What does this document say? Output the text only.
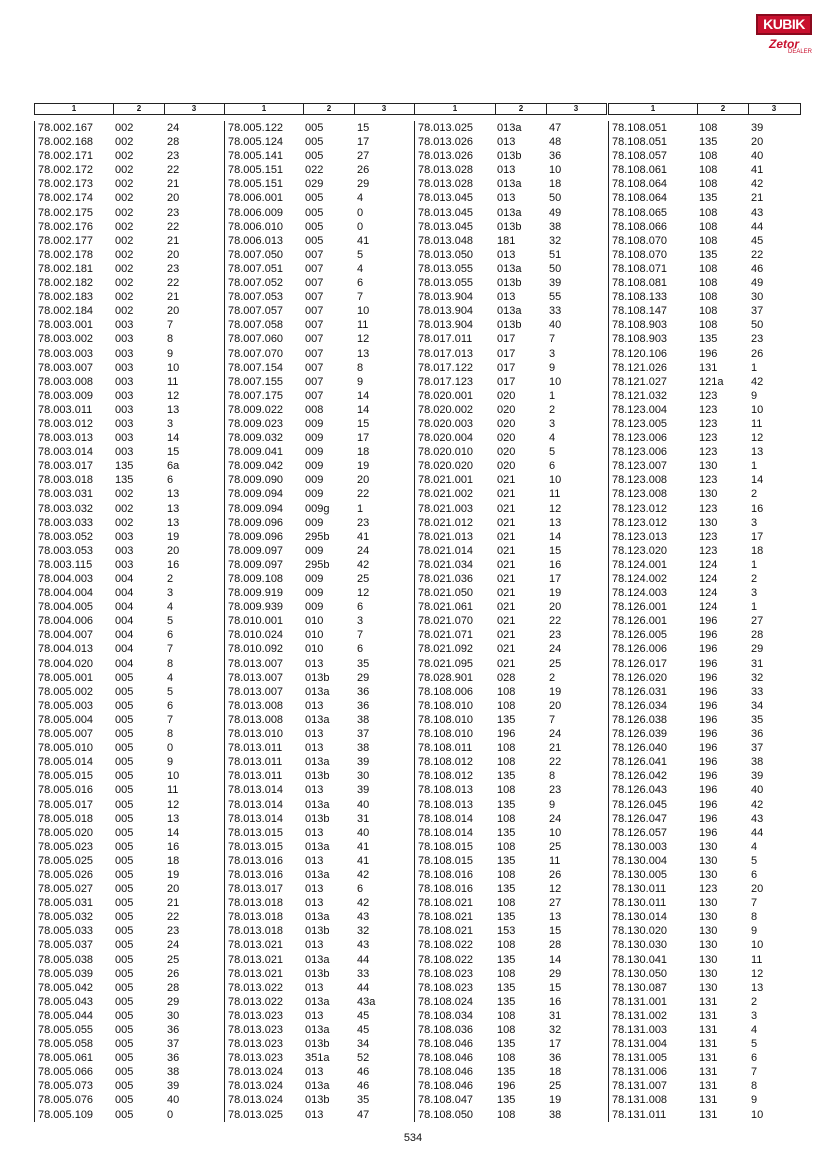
KUBIK
Zetor
DEALER
1	2	3
78.002.167	002	24
78.002.168	002	28
78.002.171	002	23
78.002.172	002	22
78.002.173	002	21
78.002.174	002	20
78.002.175	002	23
78.002.176	002	22
78.002.177	002	21
78.002.178	002	20
78.002.181	002	23
78.002.182	002	22
78.002.183	002	21
78.002.184	002	20
78.003.001	003	7
78.003.002	003	8
78.003.003	003	9
78.003.007	003	10
78.003.008	003	11
78.003.009	003	12
78.003.011	003	13
78.003.012	003	3
78.003.013	003	14
78.003.014	003	15
78.003.017	135	6a
78.003.018	135	6
78.003.031	002	13
78.003.032	002	13
78.003.033	002	13
78.003.052	003	19
78.003.053	003	20
78.003.115	003	16
78.004.003	004	2
78.004.004	004	3
78.004.005	004	4
78.004.006	004	5
78.004.007	004	6
78.004.013	004	7
78.004.020	004	8
78.005.001	005	4
78.005.002	005	5
78.005.003	005	6
78.005.004	005	7
78.005.007	005	8
78.005.010	005	0
78.005.014	005	9
78.005.015	005	10
78.005.016	005	11
78.005.017	005	12
78.005.018	005	13
78.005.020	005	14
78.005.023	005	16
78.005.025	005	18
78.005.026	005	19
78.005.027	005	20
78.005.031	005	21
78.005.032	005	22
78.005.033	005	23
78.005.037	005	24
78.005.038	005	25
78.005.039	005	26
78.005.042	005	28
78.005.043	005	29
78.005.044	005	30
78.005.055	005	36
78.005.058	005	37
78.005.061	005	36
78.005.066	005	38
78.005.073	005	39
78.005.076	005	40
78.005.109	005	0
1	2	3
78.005.122	005	15
78.005.124	005	17
78.005.141	005	27
78.005.151	022	26
78.005.151	029	29
78.006.001	005	4
78.006.009	005	0
78.006.010	005	0
78.006.013	005	41
78.007.050	007	5
78.007.051	007	4
78.007.052	007	6
78.007.053	007	7
78.007.057	007	10
78.007.058	007	11
78.007.060	007	12
78.007.070	007	13
78.007.154	007	8
78.007.155	007	9
78.007.175	007	14
78.009.022	008	14
78.009.023	009	15
78.009.032	009	17
78.009.041	009	18
78.009.042	009	19
78.009.090	009	20
78.009.094	009	22
78.009.094	009g	1
78.009.096	009	23
78.009.096	295b	41
78.009.097	009	24
78.009.097	295b	42
78.009.108	009	25
78.009.919	009	12
78.009.939	009	6
78.010.001	010	3
78.010.024	010	7
78.010.092	010	6
78.013.007	013	35
78.013.007	013b	29
78.013.007	013a	36
78.013.008	013	36
78.013.008	013a	38
78.013.010	013	37
78.013.011	013	38
78.013.011	013a	39
78.013.011	013b	30
78.013.014	013	39
78.013.014	013a	40
78.013.014	013b	31
78.013.015	013	40
78.013.015	013a	41
78.013.016	013	41
78.013.016	013a	42
78.013.017	013	6
78.013.018	013	42
78.013.018	013a	43
78.013.018	013b	32
78.013.021	013	43
78.013.021	013a	44
78.013.021	013b	33
78.013.022	013	44
78.013.022	013a	43a
78.013.023	013	45
78.013.023	013a	45
78.013.023	013b	34
78.013.023	351a	52
78.013.024	013	46
78.013.024	013a	46
78.013.024	013b	35
78.013.025	013	47
1	2	3
78.013.025	013a	47
78.013.026	013	48
78.013.026	013b	36
78.013.028	013	10
78.013.028	013a	18
78.013.045	013	50
78.013.045	013a	49
78.013.045	013b	38
78.013.048	181	32
78.013.050	013	51
78.013.055	013a	50
78.013.055	013b	39
78.013.904	013	55
78.013.904	013a	33
78.013.904	013b	40
78.017.011	017	7
78.017.013	017	3
78.017.122	017	9
78.017.123	017	10
78.020.001	020	1
78.020.002	020	2
78.020.003	020	3
78.020.004	020	4
78.020.010	020	5
78.020.020	020	6
78.021.001	021	10
78.021.002	021	11
78.021.003	021	12
78.021.012	021	13
78.021.013	021	14
78.021.014	021	15
78.021.034	021	16
78.021.036	021	17
78.021.050	021	19
78.021.061	021	20
78.021.070	021	22
78.021.071	021	23
78.021.092	021	24
78.021.095	021	25
78.028.901	028	2
78.108.006	108	19
78.108.010	108	20
78.108.010	135	7
78.108.010	196	24
78.108.011	108	21
78.108.012	108	22
78.108.012	135	8
78.108.013	108	23
78.108.013	135	9
78.108.014	108	24
78.108.014	135	10
78.108.015	108	25
78.108.015	135	11
78.108.016	108	26
78.108.016	135	12
78.108.021	108	27
78.108.021	135	13
78.108.021	153	15
78.108.022	108	28
78.108.022	135	14
78.108.023	108	29
78.108.023	135	15
78.108.024	135	16
78.108.034	108	31
78.108.036	108	32
78.108.046	135	17
78.108.046	108	36
78.108.046	135	18
78.108.046	196	25
78.108.047	135	19
78.108.050	108	38
1	2	3
78.108.051	108	39
78.108.051	135	20
78.108.057	108	40
78.108.061	108	41
78.108.064	108	42
78.108.064	135	21
78.108.065	108	43
78.108.066	108	44
78.108.070	108	45
78.108.070	135	22
78.108.071	108	46
78.108.081	108	49
78.108.133	108	30
78.108.147	108	37
78.108.903	108	50
78.108.903	135	23
78.120.106	196	26
78.121.026	131	1
78.121.027	121a	42
78.121.032	123	9
78.123.004	123	10
78.123.005	123	11
78.123.006	123	12
78.123.006	123	13
78.123.007	130	1
78.123.008	123	14
78.123.008	130	2
78.123.012	123	16
78.123.012	130	3
78.123.013	123	17
78.123.020	123	18
78.124.001	124	1
78.124.002	124	2
78.124.003	124	3
78.126.001	124	1
78.126.001	196	27
78.126.005	196	28
78.126.006	196	29
78.126.017	196	31
78.126.020	196	32
78.126.031	196	33
78.126.034	196	34
78.126.038	196	35
78.126.039	196	36
78.126.040	196	37
78.126.041	196	38
78.126.042	196	39
78.126.043	196	40
78.126.045	196	42
78.126.047	196	43
78.126.057	196	44
78.130.003	130	4
78.130.004	130	5
78.130.005	130	6
78.130.011	123	20
78.130.011	130	7
78.130.014	130	8
78.130.020	130	9
78.130.030	130	10
78.130.041	130	11
78.130.050	130	12
78.130.087	130	13
78.131.001	131	2
78.131.002	131	3
78.131.003	131	4
78.131.004	131	5
78.131.005	131	6
78.131.006	131	7
78.131.007	131	8
78.131.008	131	9
78.131.011	131	10
534
